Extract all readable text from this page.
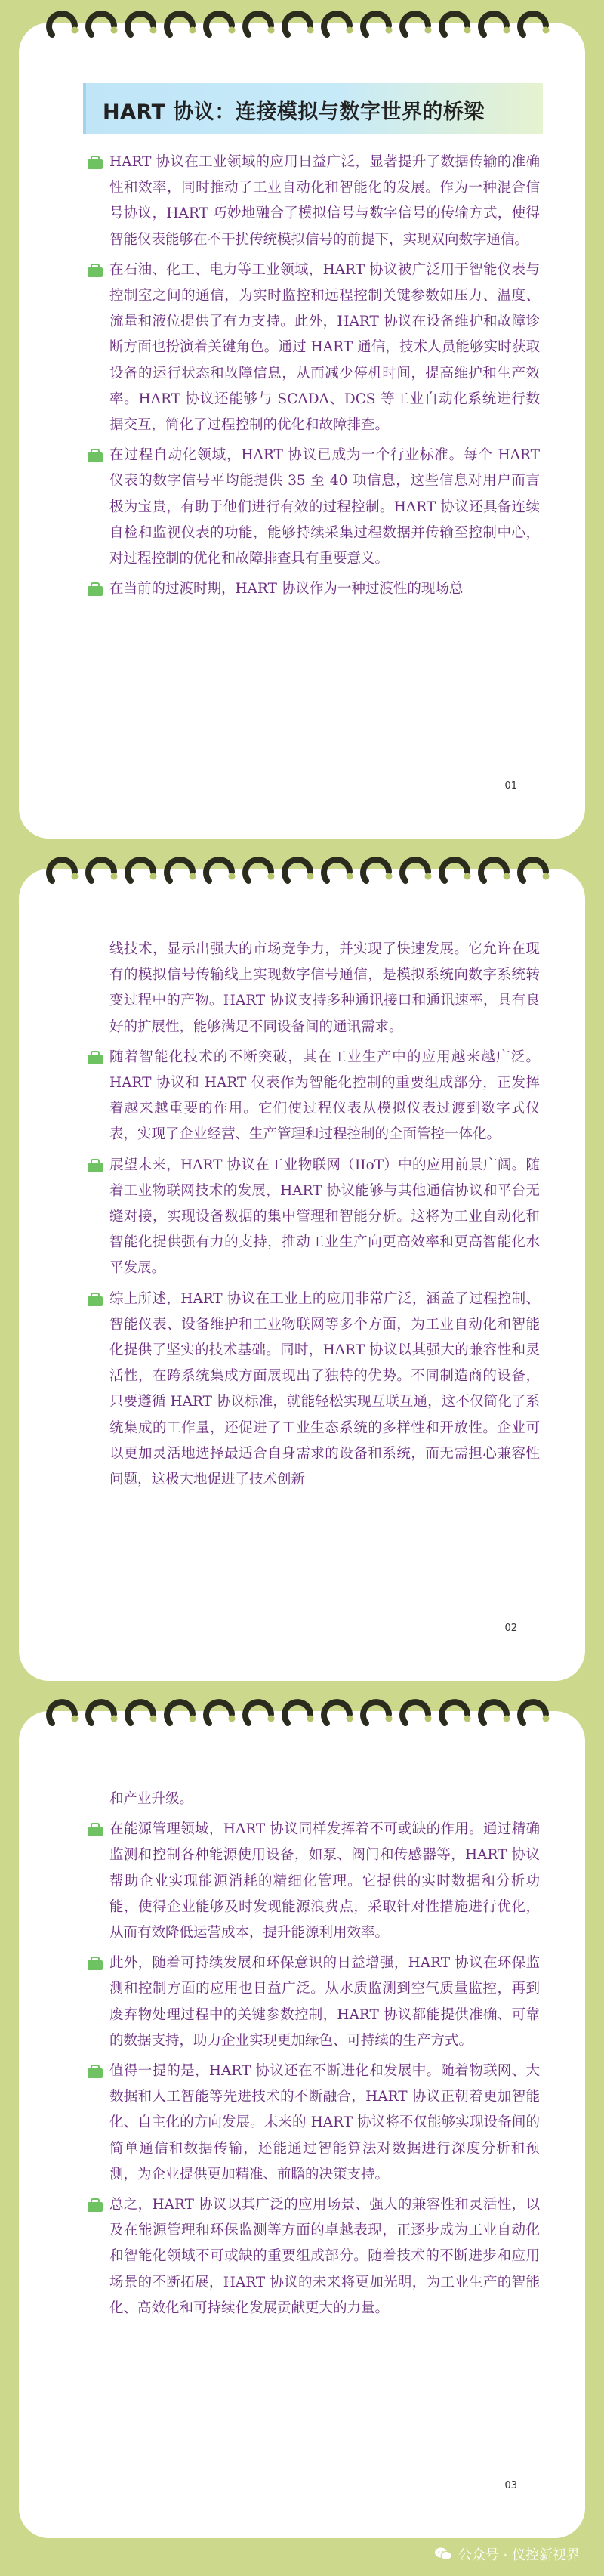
HART 协议：连接模拟与数字世界的桥梁
HART 协议在工业领域的应用日益广泛，显著提升了数据传输的准确性和效率，同时推动了工业自动化和智能化的发展。作为一种混合信号协议，HART 巧妙地融合了模拟信号与数字信号的传输方式，使得智能仪表能够在不干扰传统模拟信号的前提下，实现双向数字通信。
在石油、化工、电力等工业领域，HART 协议被广泛用于智能仪表与控制室之间的通信，为实时监控和远程控制关键参数如压力、温度、流量和液位提供了有力支持。此外，HART 协议在设备维护和故障诊断方面也扮演着关键角色。通过 HART 通信，技术人员能够实时获取设备的运行状态和故障信息，从而减少停机时间，提高维护和生产效率。HART 协议还能够与 SCADA、DCS 等工业自动化系统进行数据交互，简化了过程控制的优化和故障排查。
在过程自动化领域，HART 协议已成为一个行业标准。每个 HART 仪表的数字信号平均能提供 35 至 40 项信息，这些信息对用户而言极为宝贵，有助于他们进行有效的过程控制。HART 协议还具备连续自检和监视仪表的功能，能够持续采集过程数据并传输至控制中心，对过程控制的优化和故障排查具有重要意义。
在当前的过渡时期，HART 协议作为一种过渡性的现场总
01
线技术，显示出强大的市场竞争力，并实现了快速发展。它允许在现有的模拟信号传输线上实现数字信号通信，是模拟系统向数字系统转变过程中的产物。HART 协议支持多种通讯接口和通讯速率，具有良好的扩展性，能够满足不同设备间的通讯需求。
随着智能化技术的不断突破，其在工业生产中的应用越来越广泛。HART 协议和 HART 仪表作为智能化控制的重要组成部分，正发挥着越来越重要的作用。它们使过程仪表从模拟仪表过渡到数字式仪表，实现了企业经营、生产管理和过程控制的全面管控一体化。
展望未来，HART 协议在工业物联网（IIoT）中的应用前景广阔。随着工业物联网技术的发展，HART 协议能够与其他通信协议和平台无缝对接，实现设备数据的集中管理和智能分析。这将为工业自动化和智能化提供强有力的支持，推动工业生产向更高效率和更高智能化水平发展。
综上所述，HART 协议在工业上的应用非常广泛，涵盖了过程控制、智能仪表、设备维护和工业物联网等多个方面，为工业自动化和智能化提供了坚实的技术基础。同时，HART 协议以其强大的兼容性和灵活性，在跨系统集成方面展现出了独特的优势。不同制造商的设备，只要遵循 HART 协议标准，就能轻松实现互联互通，这不仅简化了系统集成的工作量，还促进了工业生态系统的多样性和开放性。企业可以更加灵活地选择最适合自身需求的设备和系统，而无需担心兼容性问题，这极大地促进了技术创新
02
和产业升级。
在能源管理领域，HART 协议同样发挥着不可或缺的作用。通过精确监测和控制各种能源使用设备，如泵、阀门和传感器等，HART 协议帮助企业实现能源消耗的精细化管理。它提供的实时数据和分析功能，使得企业能够及时发现能源浪费点，采取针对性措施进行优化，从而有效降低运营成本，提升能源利用效率。
此外，随着可持续发展和环保意识的日益增强，HART 协议在环保监测和控制方面的应用也日益广泛。从水质监测到空气质量监控，再到废弃物处理过程中的关键参数控制，HART 协议都能提供准确、可靠的数据支持，助力企业实现更加绿色、可持续的生产方式。
值得一提的是，HART 协议还在不断进化和发展中。随着物联网、大数据和人工智能等先进技术的不断融合，HART 协议正朝着更加智能化、自主化的方向发展。未来的 HART 协议将不仅能够实现设备间的简单通信和数据传输，还能通过智能算法对数据进行深度分析和预测，为企业提供更加精准、前瞻的决策支持。
总之，HART 协议以其广泛的应用场景、强大的兼容性和灵活性，以及在能源管理和环保监测等方面的卓越表现，正逐步成为工业自动化和智能化领域不可或缺的重要组成部分。随着技术的不断进步和应用场景的不断拓展，HART 协议的未来将更加光明，为工业生产的智能化、高效化和可持续化发展贡献更大的力量。
03
公众号 · 仪控新视界
